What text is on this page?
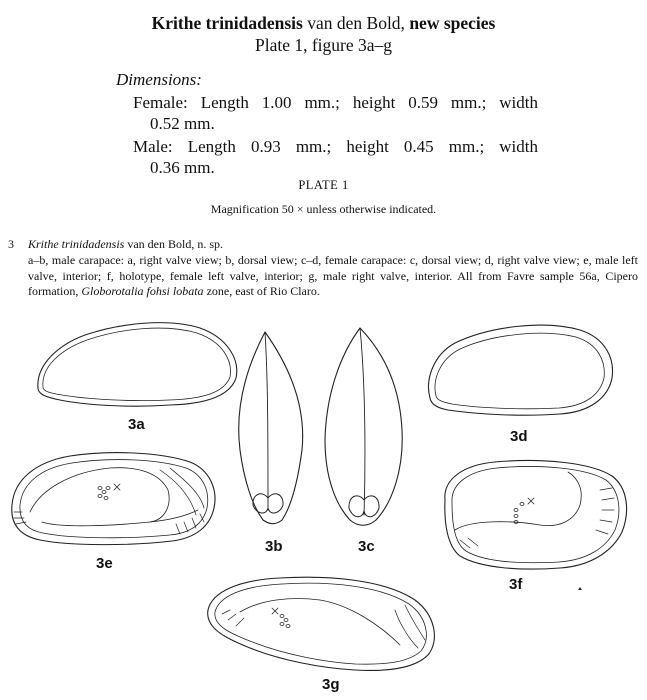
Krithe trinidadensis van den Bold, new species
Plate 1, figure 3a–g
Dimensions:
Female: Length 1.00 mm.; height 0.59 mm.; width
0.52 mm.
Male: Length 0.93 mm.; height 0.45 mm.; width
0.36 mm.
PLATE 1
Magnification 50 × unless otherwise indicated.
3 Krithe trinidadensis van den Bold, n. sp.
a–b, male carapace: a, right valve view; b, dorsal view; c–d, female carapace: c, dorsal view; d, right valve view; e, male left valve, interior; f, holotype, female left valve, interior; g, male right valve, interior. All from Favre sample 56a, Cipero formation, Globorotalia fohsi lobata zone, east of Rio Claro.
3a
3b	3c
3d
3e
3f
3g
